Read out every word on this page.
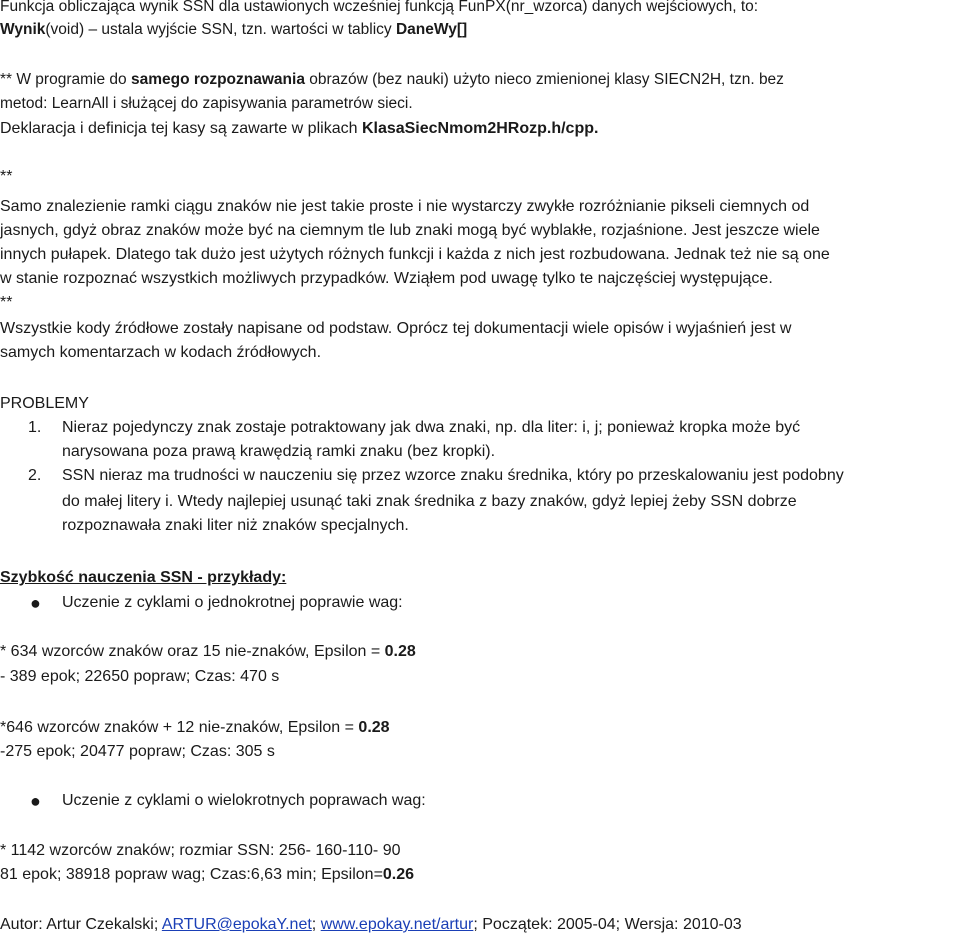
Funkcja obliczająca wynik SSN dla ustawionych wcześniej funkcją FunPX(nr_wzorca) danych wejściowych, to:
Wynik(void) – ustala wyjście SSN, tzn. wartości w tablicy DaneWy[]
** W programie do samego rozpoznawania obrazów (bez nauki) użyto nieco zmienionej klasy SIECN2H, tzn. bez
metod: LearnAll i służącej do zapisywania parametrów sieci.
Deklaracja i definicja tej kasy są zawarte w plikach KlasaSiecNmom2HRozp.h/cpp.
**
Samo znalezienie ramki ciągu znaków nie jest takie proste i nie wystarczy zwykłe rozróżnianie pikseli ciemnych od
jasnych, gdyż obraz znaków może być na ciemnym tle lub znaki mogą być wyblakłe, rozjaśnione. Jest jeszcze wiele
innych pułapek. Dlatego tak dużo jest użytych różnych funkcji i każda z nich jest rozbudowana. Jednak też nie są one
w stanie rozpoznać wszystkich możliwych przypadków. Wziąłem pod uwagę tylko te najczęściej występujące.
**
Wszystkie kody źródłowe zostały napisane od podstaw. Oprócz tej dokumentacji wiele opisów i wyjaśnień jest w
samych komentarzach w kodach źródłowych.
PROBLEMY
1. Nieraz pojedynczy znak zostaje potraktowany jak dwa znaki, np. dla liter: i, j; ponieważ kropka może być
narysowana poza prawą krawędzią ramki znaku (bez kropki).
2. SSN nieraz ma trudności w nauczeniu się przez wzorce znaku średnika, który po przeskalowaniu jest podobny
do małej litery i. Wtedy najlepiej usunąć taki znak średnika z bazy znaków, gdyż lepiej żeby SSN dobrze
rozpoznawała znaki liter niż znaków specjalnych.
Szybkość nauczenia SSN - przykłady:
● Uczenie z cyklami o jednokrotnej poprawie wag:
* 634 wzorców znaków oraz 15 nie-znaków, Epsilon = 0.28
- 389 epok; 22650 popraw; Czas: 470 s
*646 wzorców znaków + 12 nie-znaków, Epsilon = 0.28
-275 epok; 20477 popraw; Czas: 305 s
● Uczenie z cyklami o wielokrotnych poprawach wag:
* 1142 wzorców znaków; rozmiar SSN: 256- 160-110- 90
81 epok; 38918 popraw wag; Czas:6,63 min; Epsilon=0.26
Autor: Artur Czekalski; ARTUR@epokaY.net; www.epokay.net/artur; Początek: 2005-04; Wersja: 2010-03
